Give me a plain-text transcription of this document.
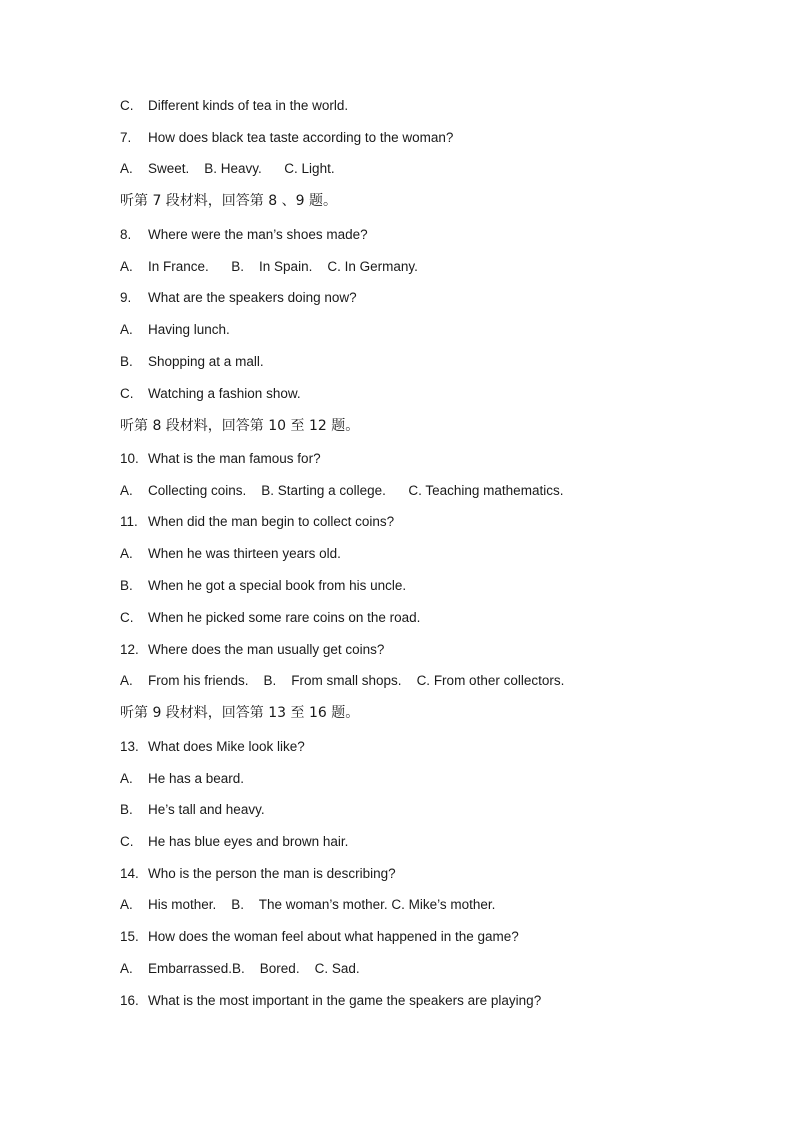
C. Different kinds of tea in the world.
7. How does black tea taste according to the woman?
A. Sweet.    B. Heavy.      C. Light.
听第 7 段材料，回答第 8 、9 题。
8. Where were the man’s shoes made?
A. In France.      B.    In Spain.    C. In Germany.
9. What are the speakers doing now?
A. Having lunch.
B. Shopping at a mall.
C. Watching a fashion show.
听第 8 段材料，回答第 10 至 12 题。
10. What is the man famous for?
A. Collecting coins.    B. Starting a college.      C. Teaching mathematics.
11. When did the man begin to collect coins?
A. When he was thirteen years old.
B. When he got a special book from his uncle.
C. When he picked some rare coins on the road.
12. Where does the man usually get coins?
A. From his friends.    B.    From small shops.    C. From other collectors.
听第 9 段材料，回答第 13 至 16 题。
13. What does Mike look like?
A. He has a beard.
B. He’s tall and heavy.
C. He has blue eyes and brown hair.
14. Who is the person the man is describing?
A. His mother.    B.    The woman’s mother. C. Mike’s mother.
15. How does the woman feel about what happened in the game?
A. Embarrassed.B.    Bored.    C. Sad.
16. What is the most important in the game the speakers are playing?
